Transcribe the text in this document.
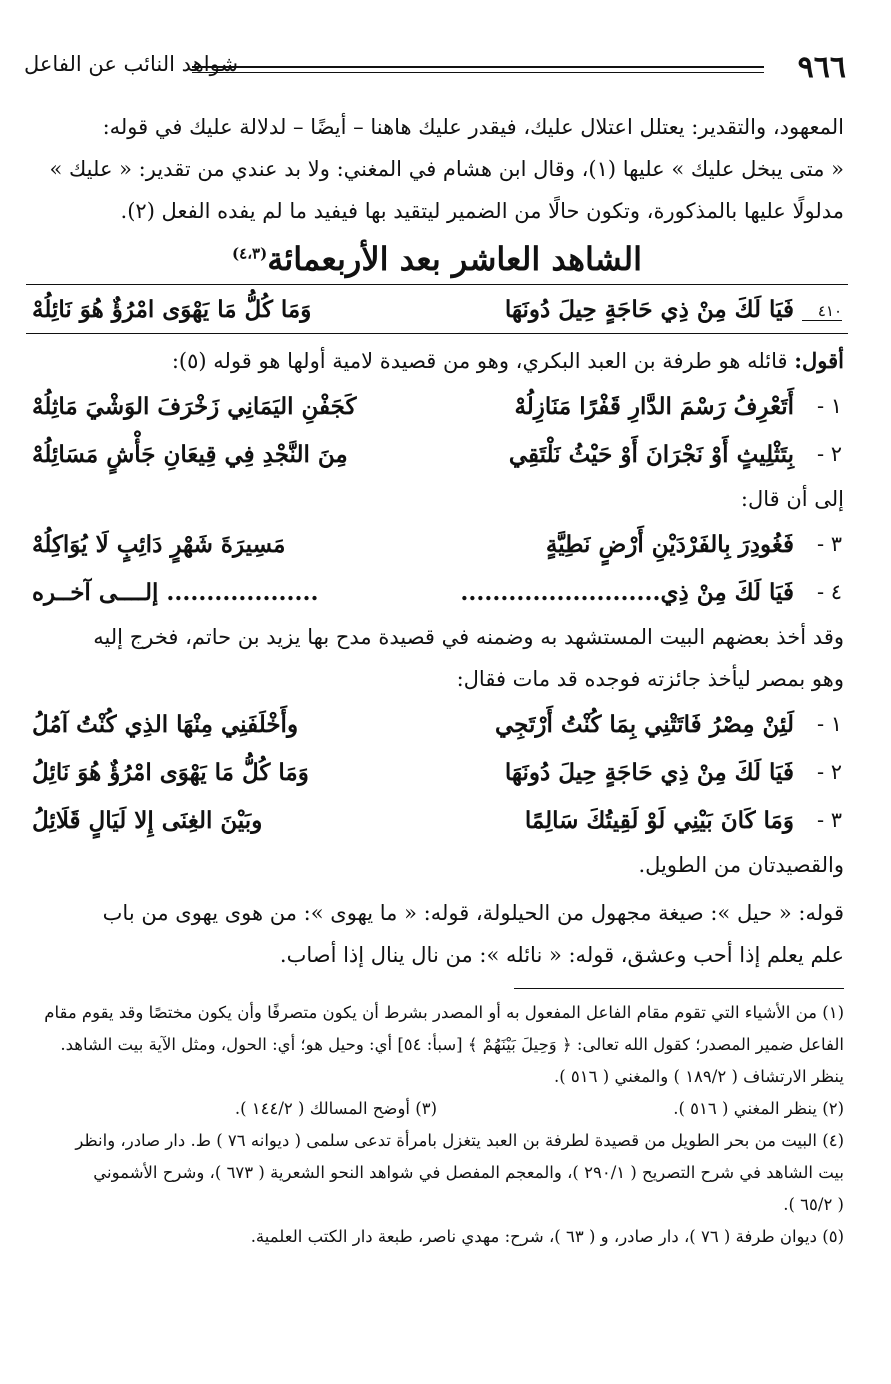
٩٦٦
شواهد النائب عن الفاعل

المعهود، والتقدير: يعتلل اعتلال عليك، فيقدر عليك هاهنا – أيضًا – لدلالة عليك في قوله:

« متى يبخل عليك » عليها (١)، وقال ابن هشام في المغني: ولا بد عندي من تقدير: « عليك »

مدلولًا عليها بالمذكورة، وتكون حالًا من الضمير ليتقيد بها فيفيد ما لم يفده الفعل (٢).

الشاهد العاشر بعد الأربعمائة$^{(٤،٣)}$
٤١٠
فَيَا لَكَ مِنْ ذِي حَاجَةٍ حِيلَ دُونَهَا
وَمَا كُلُّ مَا يَهْوَى امْرُؤٌ هُوَ نَائِلُهْ

أقول: قائله هو طرفة بن العبد البكري، وهو من قصيدة لامية أولها هو قوله (٥):

١ -
أَتَعْرِفُ رَسْمَ الدَّارِ قَفْرًا مَنَازِلُهْ
كَجَفْنِ اليَمَانِي زَخْرَفَ الوَشْيَ مَاثِلُهْ
٢ -
بِتَثْلِيثٍ أَوْ نَجْرَانَ أَوْ حَيْثُ نَلْتَقِي
مِنَ النَّجْدِ فِي قِيعَانِ جَأْشٍ مَسَائِلُهْ

إلى أن قال:

٣ -
فَغُودِرَ بِالفَرْدَيْنِ أَرْضٍ نَطِيَّةٍ
مَسِيرَةَ شَهْرٍ دَائِبٍ لَا يُوَاكِلُهْ
٤ -
فَيَا لَكَ مِنْ ذِي.........................
................... إلــــى آخــره

وقد أخذ بعضهم البيت المستشهد به وضمنه في قصيدة مدح بها يزيد بن حاتم، فخرج إليه

وهو بمصر ليأخذ جائزته فوجده قد مات فقال:

١ -
لَئِنْ مِصْرُ فَاتَتْنِي بِمَا كُنْتُ أَرْتَجِي
وأَخْلَفَنِي مِنْهَا الذِي كُنْتُ آمُلُ
٢ -
فَيَا لَكَ مِنْ ذِي حَاجَةٍ حِيلَ دُونَهَا
وَمَا كُلُّ مَا يَهْوَى امْرُؤٌ هُوَ نَائِلُ
٣ -
وَمَا كَانَ بَيْنِي لَوْ لَقِيتُكَ سَالِمًا
وبَيْنَ الغِنَى إِلا لَيَالٍ قَلَائِلُ

والقصيدتان من الطويل.

قوله: « حيل »: صيغة مجهول من الحيلولة، قوله: « ما يهوى »: من هوى يهوى من باب

علم يعلم إذا أحب وعشق، قوله: « نائله »: من نال ينال إذا أصاب.

(١) من الأشياء التي تقوم مقام الفاعل المفعول به أو المصدر بشرط أن يكون متصرفًا وأن يكون مختصًا وقد يقوم مقام

الفاعل ضمير المصدر؛ كقول الله تعالى: ﴿ وَحِيلَ بَيْنَهُمْ ﴾ [سبأ: ٥٤] أي: وحيل هو؛ أي: الحول، ومثل الآية بيت الشاهد.

ينظر الارتشاف ( ١٨٩/٢ ) والمغني ( ٥١٦ ).

(٢) ينظر المغني ( ٥١٦ ).
(٣) أوضح المسالك ( ١٤٤/٢ ).

(٤) البيت من بحر الطويل من قصيدة لطرفة بن العبد يتغزل بامرأة تدعى سلمى ( ديوانه ٧٦ ) ط. دار صادر، وانظر

بيت الشاهد في شرح التصريح ( ٢٩٠/١ )، والمعجم المفصل في شواهد النحو الشعرية ( ٦٧٣ )، وشرح الأشموني

( ٦٥/٢ ).

(٥) ديوان طرفة ( ٧٦ )، دار صادر، و ( ٦٣ )، شرح: مهدي ناصر، طبعة دار الكتب العلمية.
